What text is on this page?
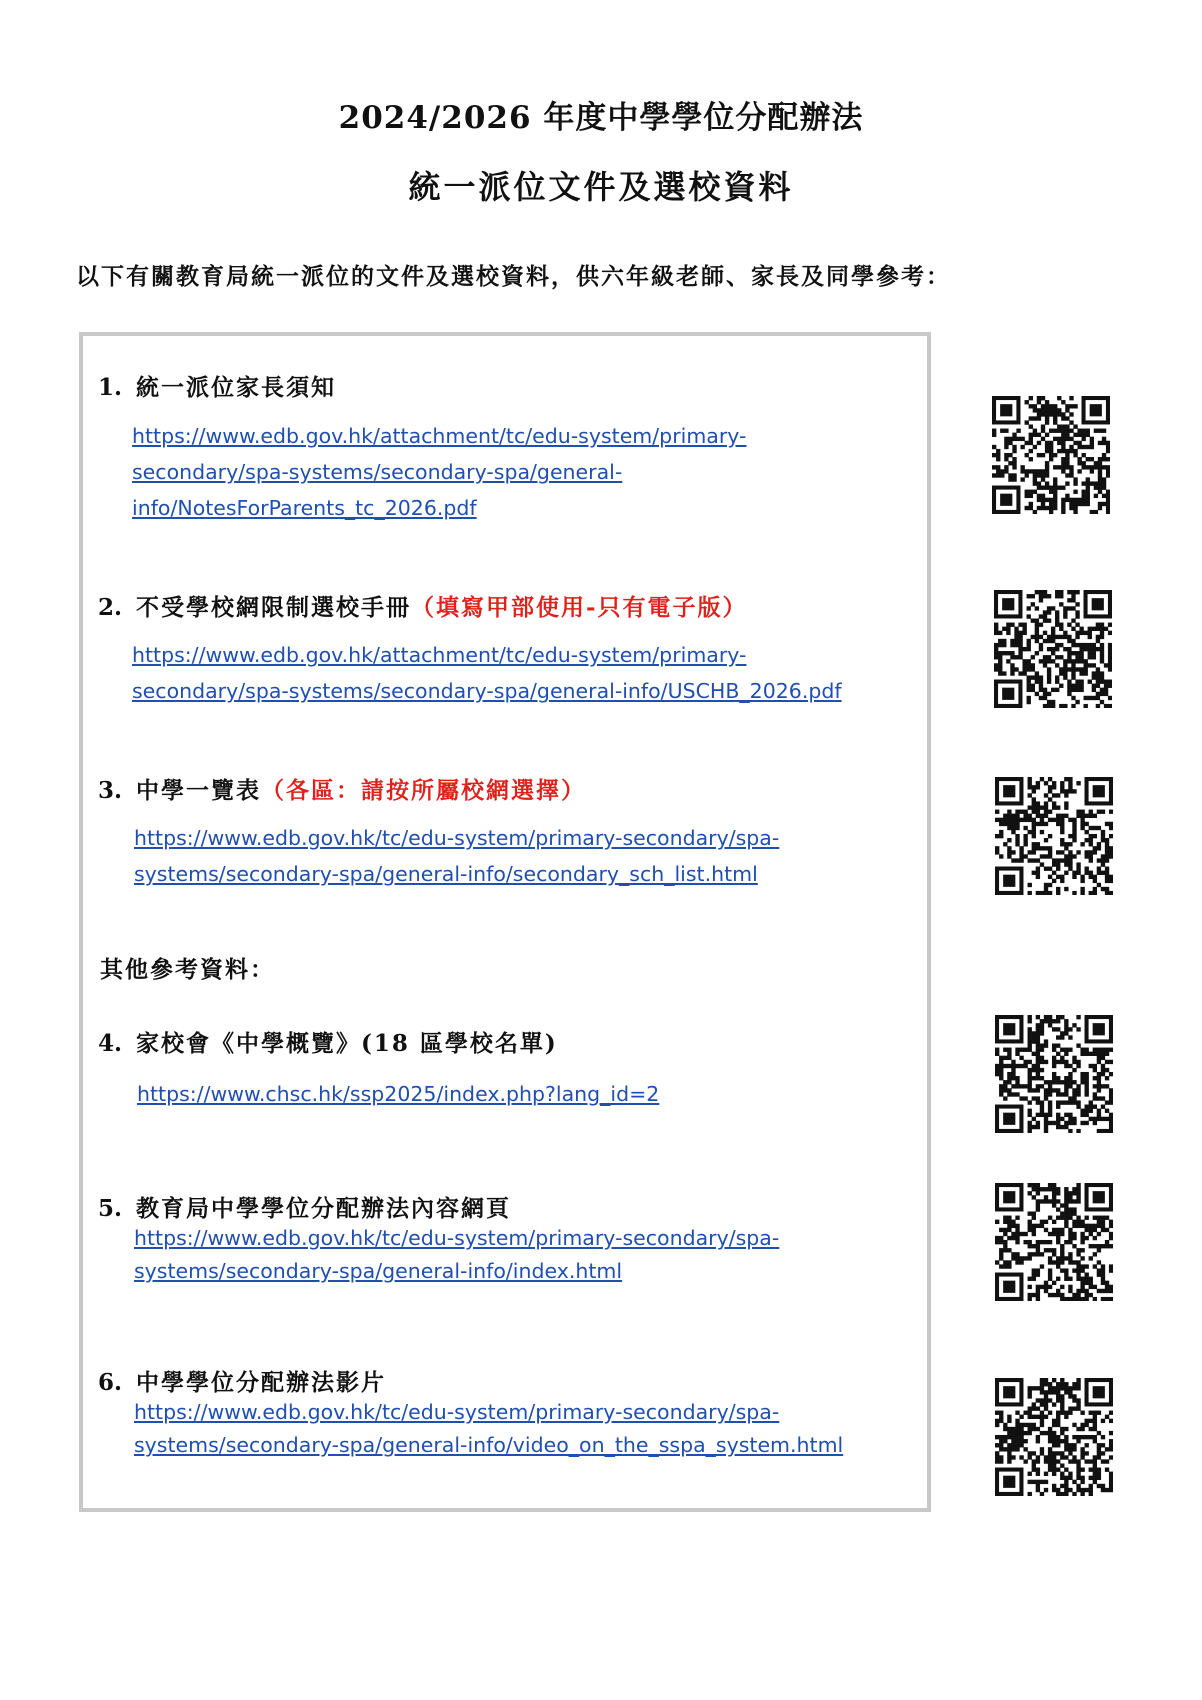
2024/2026 年度中學學位分配辦法
統一派位文件及選校資料
以下有關教育局統一派位的文件及選校資料，供六年級老師、家長及同學參考：
1. 統一派位家長須知
https://www.edb.gov.hk/attachment/tc/edu-system/primary-
secondary/spa-systems/secondary-spa/general-
info/NotesForParents_tc_2026.pdf
2. 不受學校網限制選校手冊（填寫甲部使用-只有電子版）
https://www.edb.gov.hk/attachment/tc/edu-system/primary-
secondary/spa-systems/secondary-spa/general-info/USCHB_2026.pdf
3. 中學一覽表（各區：請按所屬校網選擇）
https://www.edb.gov.hk/tc/edu-system/primary-secondary/spa-
systems/secondary-spa/general-info/secondary_sch_list.html
其他參考資料：
4. 家校會《中學概覽》(18 區學校名單)
https://www.chsc.hk/ssp2025/index.php?lang_id=2
5. 教育局中學學位分配辦法內容網頁
https://www.edb.gov.hk/tc/edu-system/primary-secondary/spa-
systems/secondary-spa/general-info/index.html
6. 中學學位分配辦法影片
https://www.edb.gov.hk/tc/edu-system/primary-secondary/spa-
systems/secondary-spa/general-info/video_on_the_sspa_system.html
